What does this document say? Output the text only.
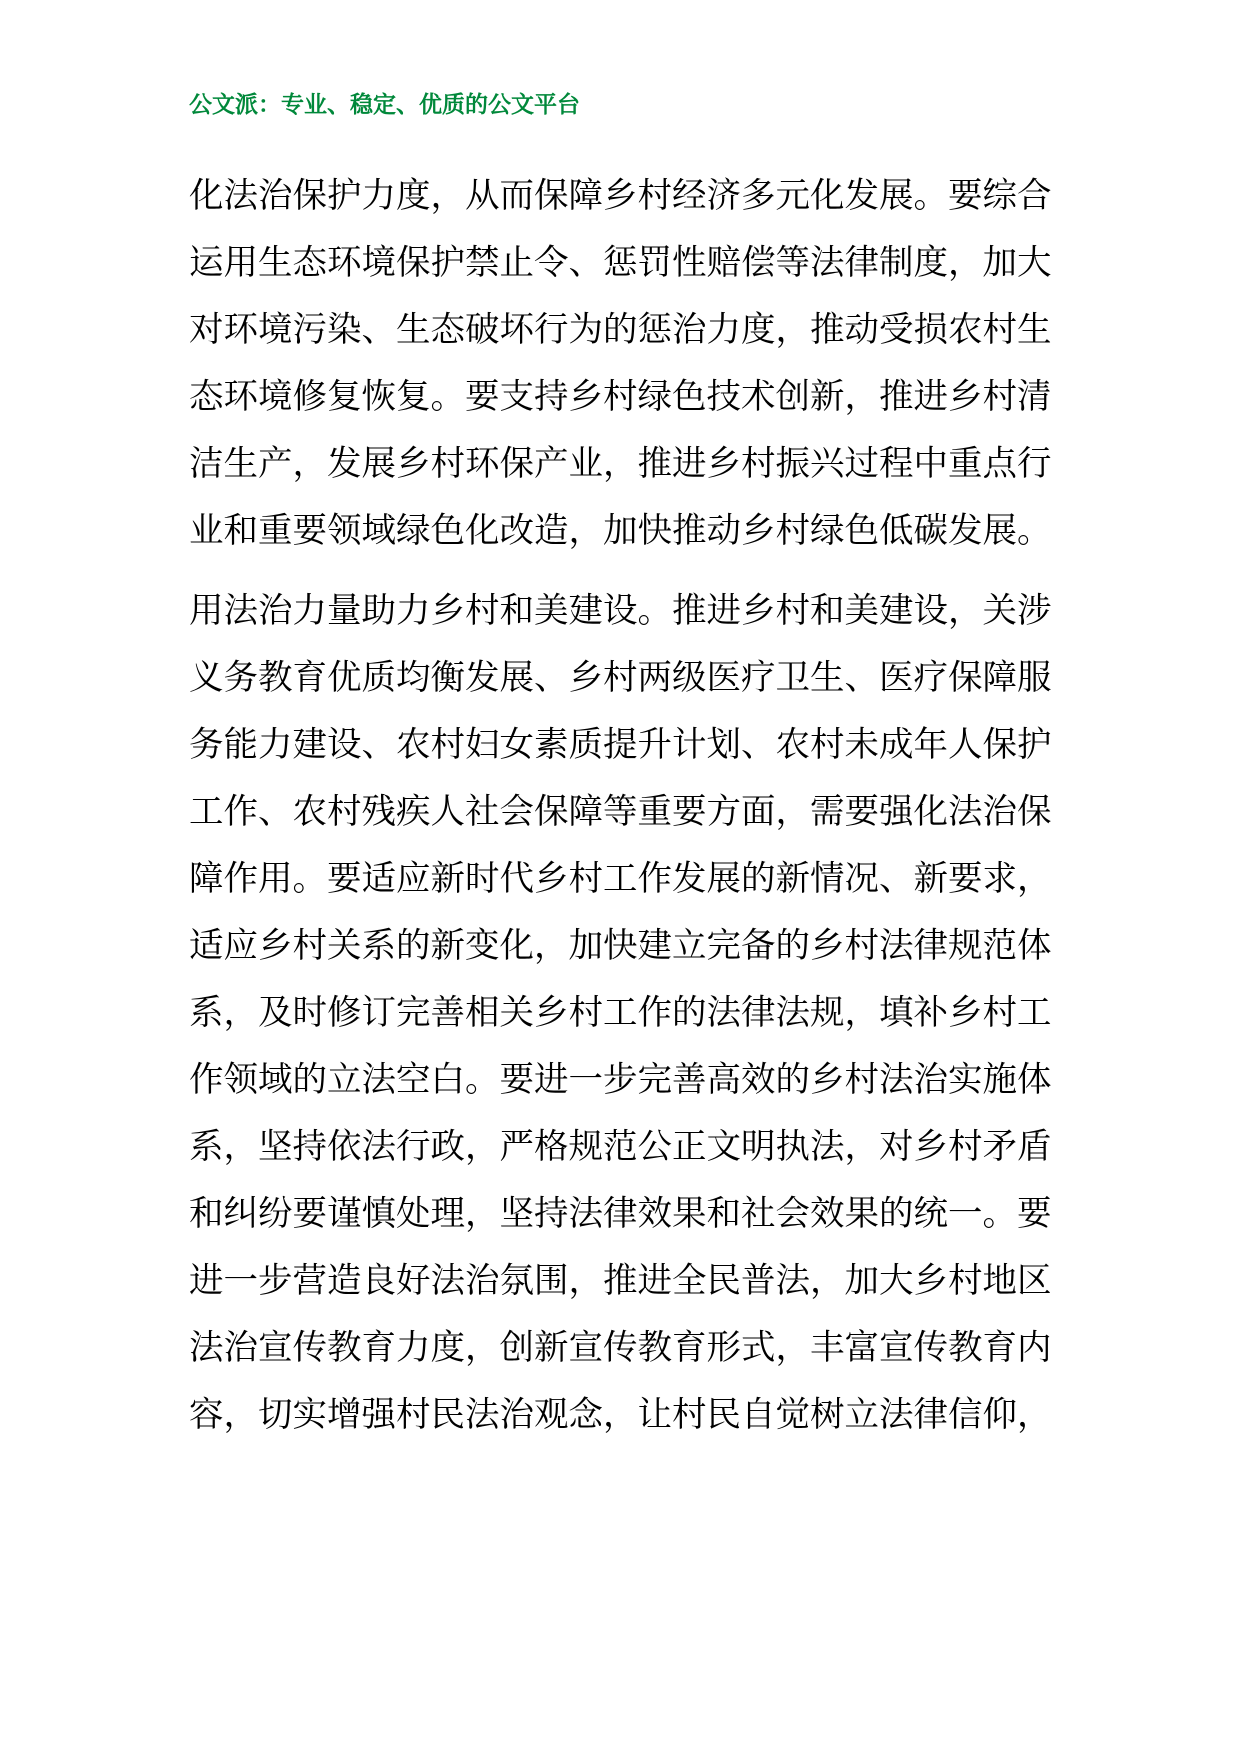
公文派：专业、稳定、优质的公文平台
化法治保护力度，从而保障乡村经济多元化发展。要综合
运用生态环境保护禁止令、惩罚性赔偿等法律制度，加大
对环境污染、生态破坏行为的惩治力度，推动受损农村生
态环境修复恢复。要支持乡村绿色技术创新，推进乡村清
洁生产，发展乡村环保产业，推进乡村振兴过程中重点行
业和重要领域绿色化改造，加快推动乡村绿色低碳发展。
用法治力量助力乡村和美建设。推进乡村和美建设，关涉
义务教育优质均衡发展、乡村两级医疗卫生、医疗保障服
务能力建设、农村妇女素质提升计划、农村未成年人保护
工作、农村残疾人社会保障等重要方面，需要强化法治保
障作用。要适应新时代乡村工作发展的新情况、新要求，
适应乡村关系的新变化，加快建立完备的乡村法律规范体
系，及时修订完善相关乡村工作的法律法规，填补乡村工
作领域的立法空白。要进一步完善高效的乡村法治实施体
系，坚持依法行政，严格规范公正文明执法，对乡村矛盾
和纠纷要谨慎处理，坚持法律效果和社会效果的统一。要
进一步营造良好法治氛围，推进全民普法，加大乡村地区
法治宣传教育力度，创新宣传教育形式，丰富宣传教育内
容，切实增强村民法治观念，让村民自觉树立法律信仰，
